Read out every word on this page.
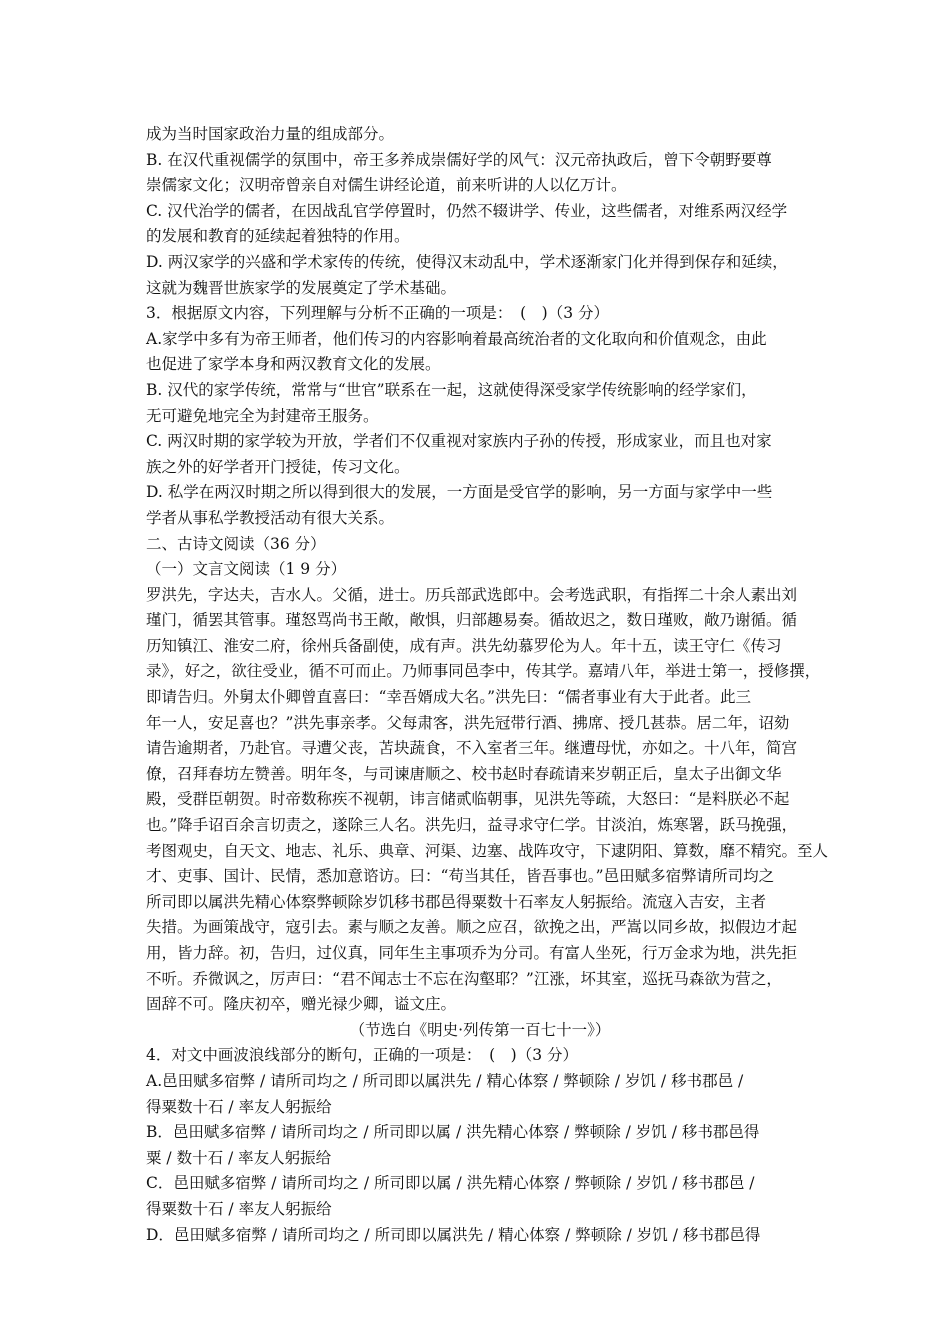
成为当时国家政治力量的组成部分。
B. 在汉代重视儒学的氛围中，帝王多养成崇儒好学的风气：汉元帝执政后，曾下令朝野要尊
崇儒家文化；汉明帝曾亲自对儒生讲经论道，前来听讲的人以亿万计。
C. 汉代治学的儒者，在因战乱官学停置时，仍然不辍讲学、传业，这些儒者，对维系两汉经学
的发展和教育的延续起着独特的作用。
D. 两汉家学的兴盛和学术家传的传统，使得汉末动乱中，学术逐渐家门化并得到保存和延续，
这就为魏晋世族家学的发展奠定了学术基础。
3．根据原文内容，下列理解与分析不正确的一项是：　(　)（3 分）
A.家学中多有为帝王师者，他们传习的内容影响着最高统治者的文化取向和价值观念，由此
也促进了家学本身和两汉教育文化的发展。
B. 汉代的家学传统，常常与“世官”联系在一起，这就使得深受家学传统影响的经学家们，
无可避免地完全为封建帝王服务。
C. 两汉时期的家学较为开放，学者们不仅重视对家族内子孙的传授，形成家业，而且也对家
族之外的好学者开门授徒，传习文化。
D. 私学在两汉时期之所以得到很大的发展，一方面是受官学的影响，另一方面与家学中一些
学者从事私学教授活动有很大关系。
二、古诗文阅读（36 分）
（一）文言文阅读（1 9 分）
罗洪先，字达夫，吉水人。父循，进士。历兵部武选郎中。会考选武职，有指挥二十余人素出刘
瑾门，循罢其管事。瑾怒骂尚书王敞，敞惧，归部趣易奏。循故迟之，数日瑾败，敞乃谢循。循
历知镇江、淮安二府，徐州兵备副使，成有声。洪先幼慕罗伦为人。年十五，读王守仁《传习
录》，好之，欲往受业，循不可而止。乃师事同邑李中，传其学。嘉靖八年，举进士第一，授修撰，
即请告归。外舅太仆卿曾直喜曰：“幸吾婿成大名。”洪先曰：“儒者事业有大于此者。此三
年一人，安足喜也？”洪先事亲孝。父每肃客，洪先冠带行酒、拂席、授几甚恭。居二年，诏劾
请告逾期者，乃赴官。寻遭父丧，苫块蔬食，不入室者三年。继遭母忧，亦如之。十八年，简宫
僚，召拜春坊左赞善。明年冬，与司谏唐顺之、校书赵时春疏请来岁朝正后，皇太子出御文华
殿，受群臣朝贺。时帝数称疾不视朝，讳言储贰临朝事，见洪先等疏，大怒曰：“是料朕必不起
也。”降手诏百余言切责之，遂除三人名。洪先归，益寻求守仁学。甘淡泊，炼寒署，跃马挽强，
考图观史，自天文、地志、礼乐、典章、河渠、边塞、战阵攻守，下逮阴阳、算数，靡不精究。至人
才、吏事、国计、民情，悉加意谘访。曰：“苟当其任，皆吾事也。”邑田赋多宿弊请所司均之
所司即以属洪先精心体察弊顿除岁饥移书郡邑得粟数十石率友人躬振给。流寇入吉安，主者
失措。为画策战守，寇引去。素与顺之友善。顺之应召，欲挽之出，严嵩以同乡故，拟假边才起
用，皆力辞。初，告归，过仪真，同年生主事项乔为分司。有富人坐死，行万金求为地，洪先拒
不听。乔微讽之，厉声曰：“君不闻志士不忘在沟壑耶？”江涨，坏其室，巡抚马森欲为营之，
固辞不可。隆庆初卒，赠光禄少卿，谥文庄。
（节选白《明史·列传第一百七十一》）
4．对文中画波浪线部分的断句，正确的一项是：　(　)（3 分）
A.邑田赋多宿弊 / 请所司均之 / 所司即以属洪先 / 精心体察 / 弊顿除 / 岁饥 / 移书郡邑 /
得粟数十石 / 率友人躬振给
B．邑田赋多宿弊 / 请所司均之 / 所司即以属 / 洪先精心体察 / 弊顿除 / 岁饥 / 移书郡邑得
粟 / 数十石 / 率友人躬振给
C．邑田赋多宿弊 / 请所司均之 / 所司即以属 / 洪先精心体察 / 弊顿除 / 岁饥 / 移书郡邑 /
得粟数十石 / 率友人躬振给
D．邑田赋多宿弊 / 请所司均之 / 所司即以属洪先 / 精心体察 / 弊顿除 / 岁饥 / 移书郡邑得
